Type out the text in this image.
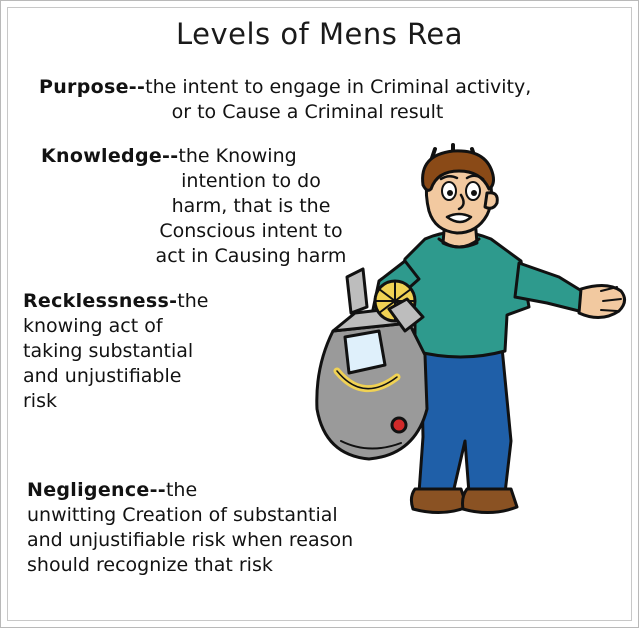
Levels of Mens Rea
Purpose--the intent to engage in Criminal activity,
or to Cause a Criminal result
Knowledge--the Knowing
intention to do
harm, that is the
Conscious intent to
act in Causing harm
Recklessness-the
knowing act of
taking substantial
and unjustifiable
risk
Negligence--the
unwitting Creation of substantial
and unjustifiable risk when reason
should recognize that risk
